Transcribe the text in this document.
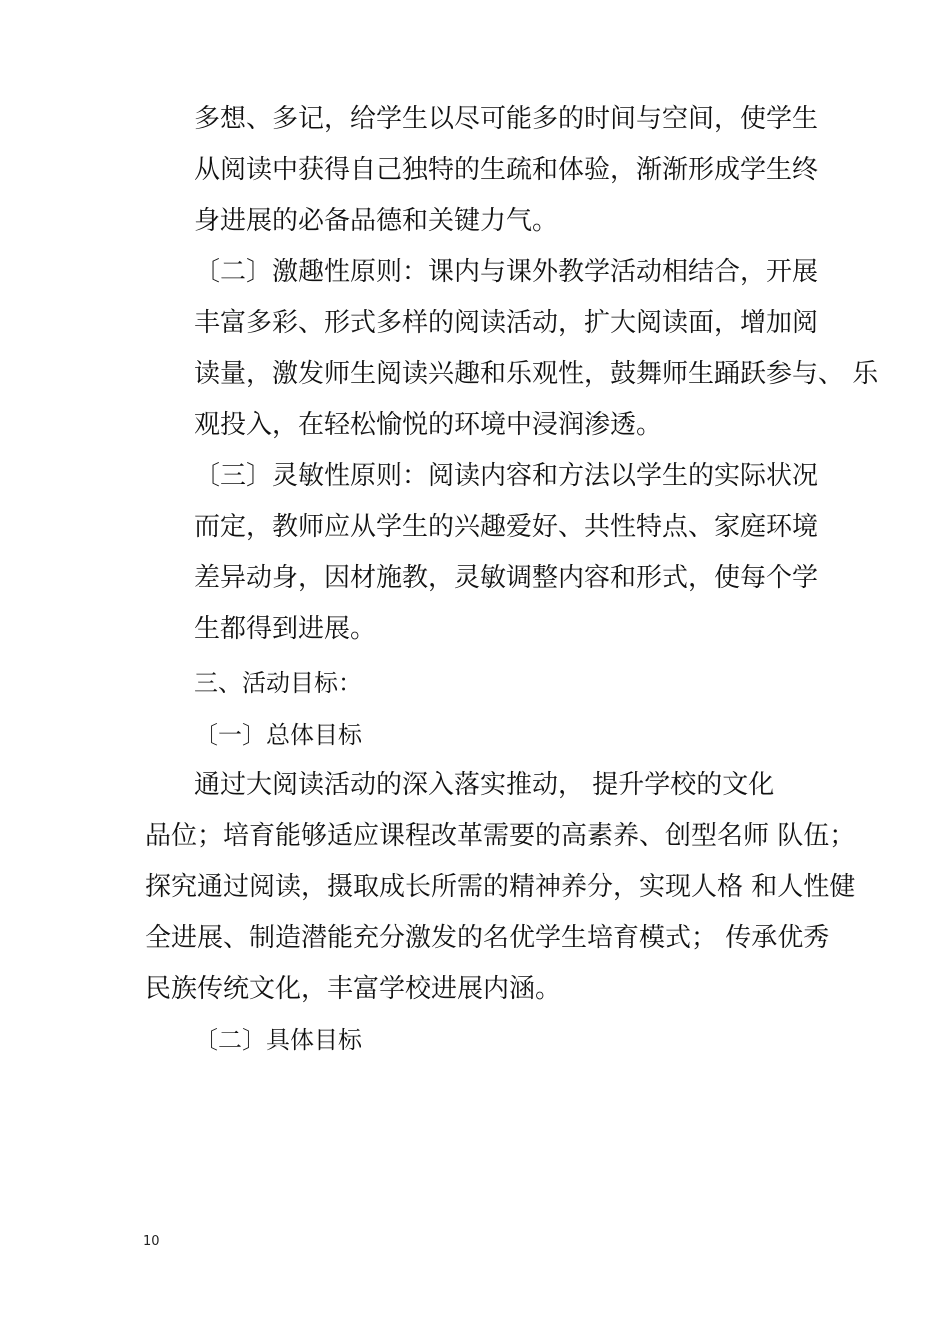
多想、多记，给学生以尽可能多的时间与空间，使学生
从阅读中获得自己独特的生疏和体验，渐渐形成学生终
身进展的必备品德和关键力气。
〔二〕激趣性原则：课内与课外教学活动相结合，开展
丰富多彩、形式多样的阅读活动，扩大阅读面，增加阅
读量，激发师生阅读兴趣和乐观性，鼓舞师生踊跃参与、 乐
观投入，在轻松愉悦的环境中浸润渗透。
〔三〕灵敏性原则：阅读内容和方法以学生的实际状况
而定，教师应从学生的兴趣爱好、共性特点、家庭环境
差异动身，因材施教，灵敏调整内容和形式，使每个学
生都得到进展。
三、活动目标：
〔一〕总体目标
通过大阅读活动的深入落实推动， 提升学校的文化
品位；培育能够适应课程改革需要的高素养、创型名师 队伍；
探究通过阅读，摄取成长所需的精神养分，实现人格 和人性健
全进展、制造潜能充分激发的名优学生培育模式； 传承优秀
民族传统文化，丰富学校进展内涵。
〔二〕具体目标
10
